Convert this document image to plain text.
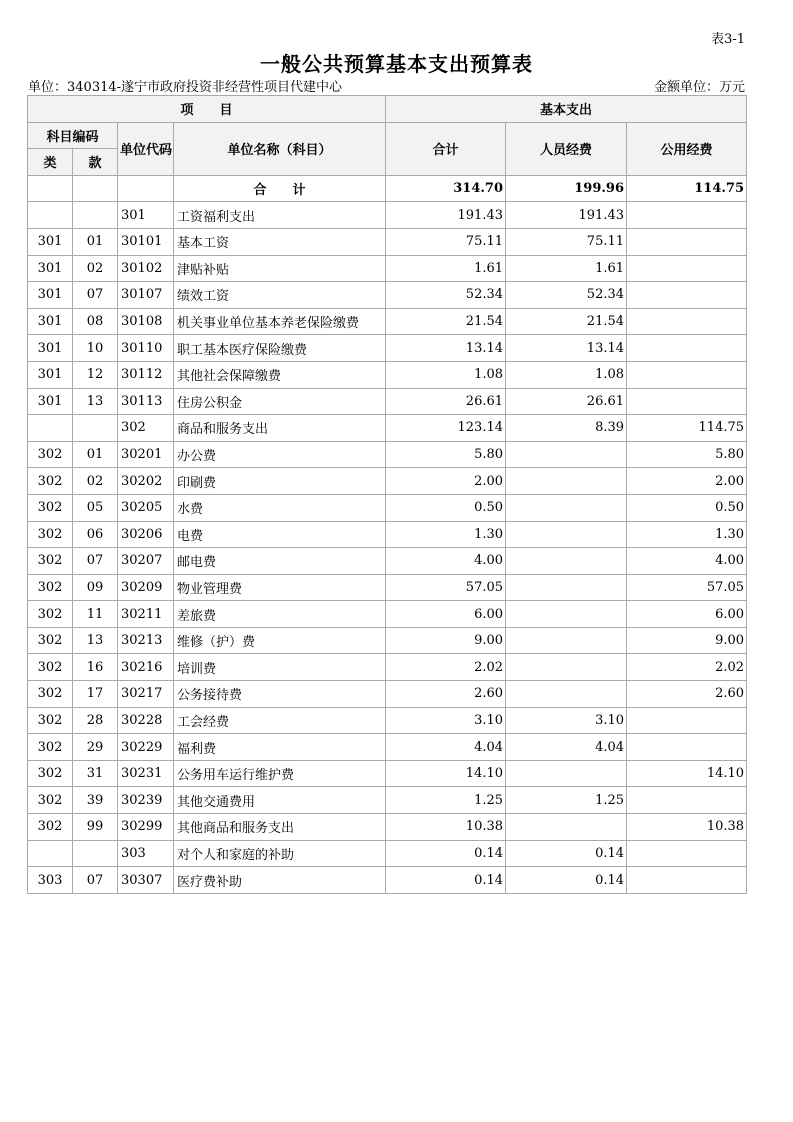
表3-1
一般公共预算基本支出预算表
单位：340314-遂宁市政府投资非经营性项目代建中心	金额单位：万元
项　　目				基本支出		
科目编码		单位代码	单位名称（科目）	合计	人员经费	公用经费
类	款					
			合　　计	314.70	199.96	114.75
		301	工资福利支出	191.43	191.43	
301	01	30101	基本工资	75.11	75.11	
301	02	30102	津贴补贴	1.61	1.61	
301	07	30107	绩效工资	52.34	52.34	
301	08	30108	机关事业单位基本养老保险缴费	21.54	21.54	
301	10	30110	职工基本医疗保险缴费	13.14	13.14	
301	12	30112	其他社会保障缴费	1.08	1.08	
301	13	30113	住房公积金	26.61	26.61	
		302	商品和服务支出	123.14	8.39	114.75
302	01	30201	办公费	5.80		5.80
302	02	30202	印刷费	2.00		2.00
302	05	30205	水费	0.50		0.50
302	06	30206	电费	1.30		1.30
302	07	30207	邮电费	4.00		4.00
302	09	30209	物业管理费	57.05		57.05
302	11	30211	差旅费	6.00		6.00
302	13	30213	维修（护）费	9.00		9.00
302	16	30216	培训费	2.02		2.02
302	17	30217	公务接待费	2.60		2.60
302	28	30228	工会经费	3.10	3.10	
302	29	30229	福利费	4.04	4.04	
302	31	30231	公务用车运行维护费	14.10		14.10
302	39	30239	其他交通费用	1.25	1.25	
302	99	30299	其他商品和服务支出	10.38		10.38
		303	对个人和家庭的补助	0.14	0.14	
303	07	30307	医疗费补助	0.14	0.14	
